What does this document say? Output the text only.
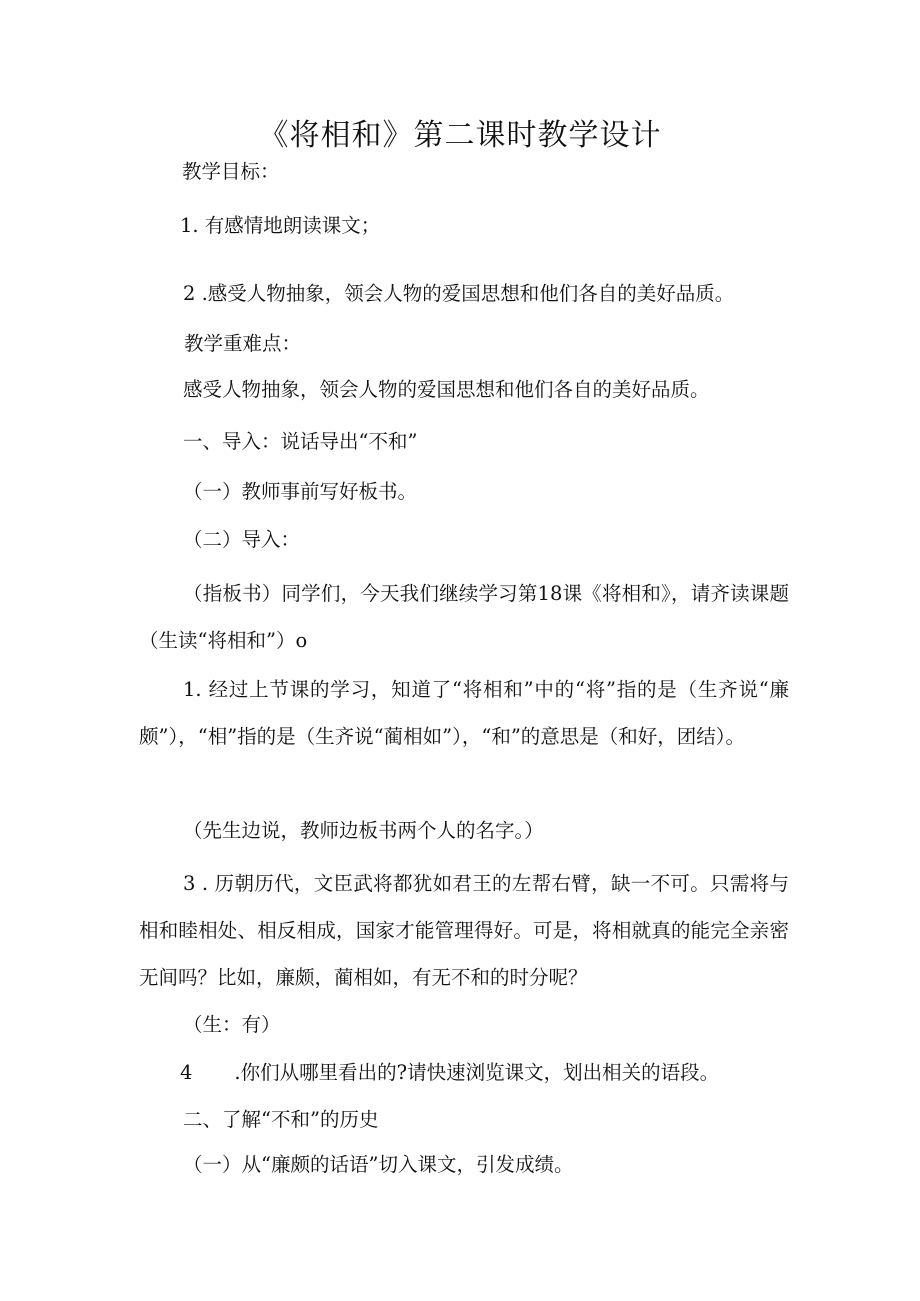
《将相和》第二课时教学设计
教学目标：
1. 有感情地朗读课文；
2 .感受人物抽象，领会人物的爱国思想和他们各自的美好品质。
教学重难点：
感受人物抽象，领会人物的爱国思想和他们各自的美好品质。
一、导入：说话导出“不和”
（一）教师事前写好板书。
（二）导入：

（指板书）同学们，今天我们继续学习第18课《将相和》，请齐读课题（生读“将相和”）o

1. 经过上节课的学习，知道了“将相和”中的“将”指的是（生齐说“廉颇”），“相”指的是（生齐说“蔺相如”），“和”的意思是（和好，团结）。

（先生边说，教师边板书两个人的名字。）

3 . 历朝历代，文臣武将都犹如君王的左帮右臂，缺一不可。只需将与相和睦相处、相反相成，国家才能管理得好。可是，将相就真的能完全亲密无间吗？比如，廉颇，蔺相如，有无不和的时分呢？

（生：有）
4 .你们从哪里看出的?请快速浏览课文，划出相关的语段。
二、了解“不和”的历史
（一）从“廉颇的话语”切入课文，引发成绩。
